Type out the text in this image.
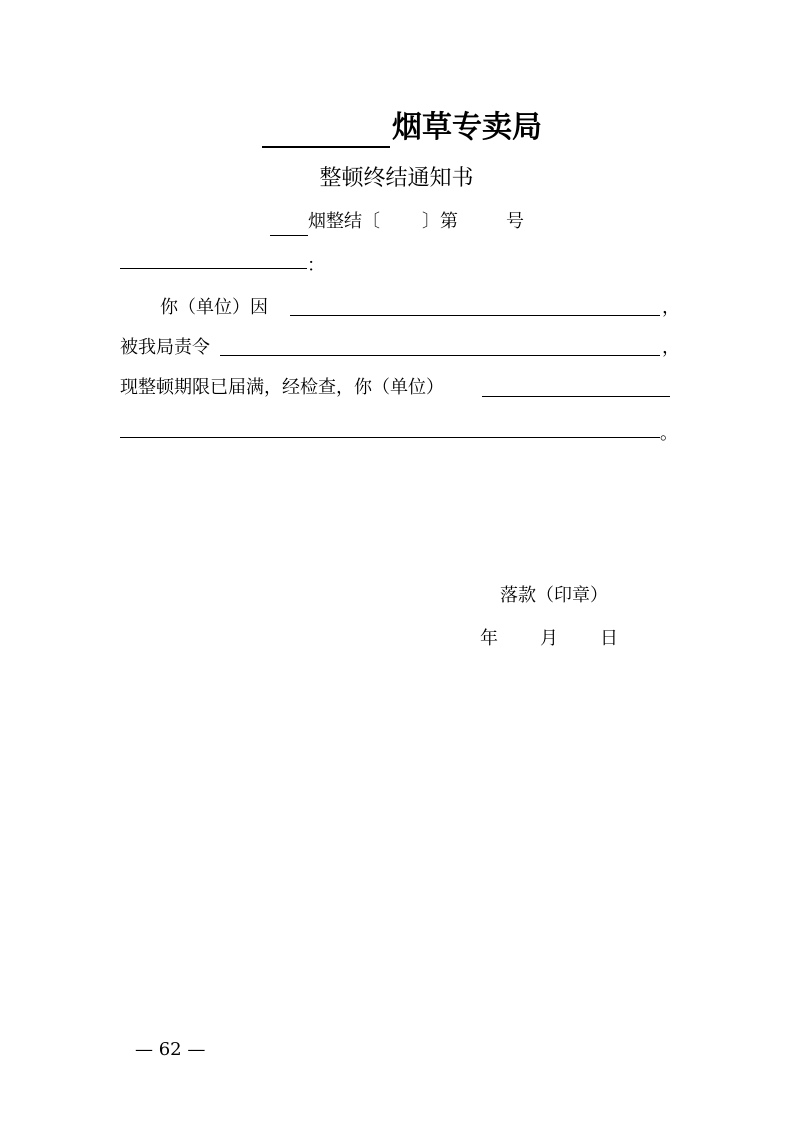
烟草专卖局
整顿终结通知书
烟整结〔 〕第	号
：
你（单位）因	，
被我局责令	，
现整顿期限已届满，经检查，你（单位）
。
落款（印章）
年 月 日
— 62 —
